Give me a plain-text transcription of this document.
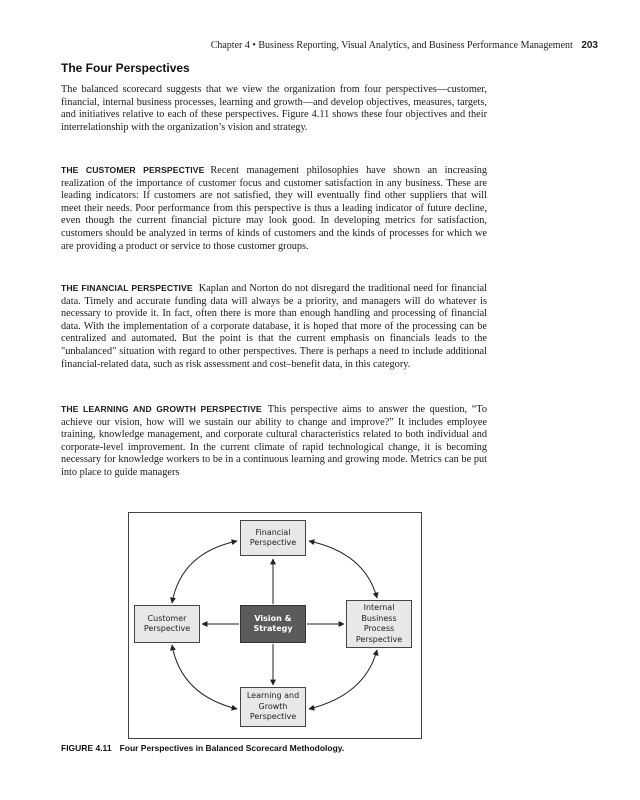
Chapter 4 • Business Reporting, Visual Analytics, and Business Performance Management 203
The Four Perspectives

The balanced scorecard suggests that we view the organization from four perspectives—customer, financial, internal business processes, learning and growth—and develop objectives, measures, targets, and initiatives relative to each of these perspectives. Figure 4.11 shows these four objectives and their interrelationship with the organization’s vision and strategy.

THE CUSTOMER PERSPECTIVE Recent management philosophies have shown an increasing realization of the importance of customer focus and customer satisfaction in any business. These are leading indicators: If customers are not satisfied, they will eventually find other suppliers that will meet their needs. Poor performance from this perspective is thus a leading indicator of future decline, even though the current financial picture may look good. In developing metrics for satisfaction, customers should be analyzed in terms of kinds of customers and the kinds of processes for which we are providing a product or service to those customer groups.

THE FINANCIAL PERSPECTIVE Kaplan and Norton do not disregard the traditional need for financial data. Timely and accurate funding data will always be a priority, and managers will do whatever is necessary to provide it. In fact, often there is more than enough handling and processing of financial data. With the implementation of a corporate database, it is hoped that more of the processing can be centralized and automated. But the point is that the current emphasis on financials leads to the "unbalanced" situation with regard to other perspectives. There is perhaps a need to include additional financial-related data, such as risk assessment and cost–benefit data, in this category.

THE LEARNING AND GROWTH PERSPECTIVE This perspective aims to answer the question, “To achieve our vision, how will we sustain our ability to change and improve?” It includes employee training, knowledge management, and corporate cultural characteristics related to both individual and corporate-level improvement. In the current climate of rapid technological change, it is becoming necessary for knowledge workers to be in a continuous learning and growing mode. Metrics can be put into place to guide managers

Financial
Perspective
Customer
Perspective
Vision &
Strategy
Internal
Business
Process
Perspective
Learning and
Growth
Perspective
FIGURE 4.11 Four Perspectives in Balanced Scorecard Methodology.
